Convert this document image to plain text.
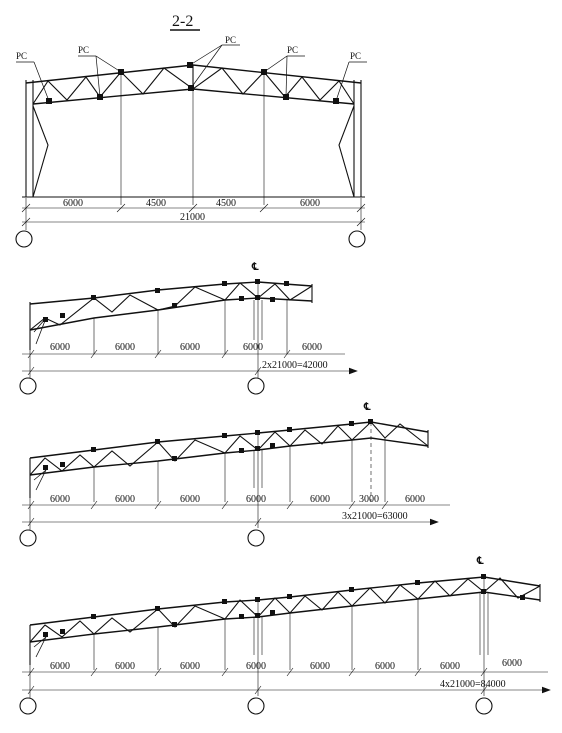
2-2
PC
PC
PC
PC
PC
6000	4500	4500	6000
21000
℄
6000	6000	6000	6000	6000
2x21000=42000
℄
6000	6000	6000	6000	6000	3000	6000
3x21000=63000
℄
6000	6000	6000	6000	6000	6000	6000	6000
4x21000=84000
